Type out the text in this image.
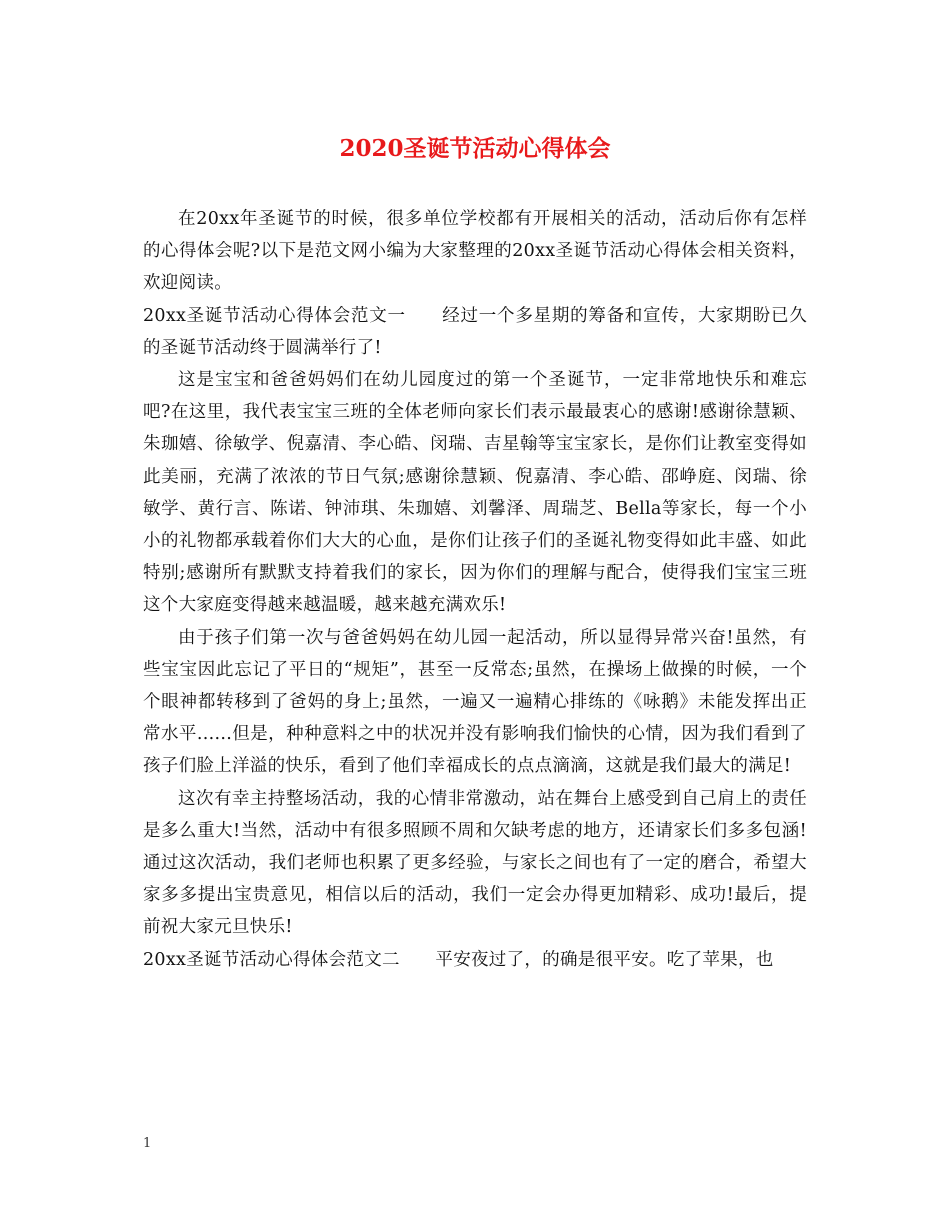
2020圣诞节活动心得体会

在20xx年圣诞节的时候，很多单位学校都有开展相关的活动，活动后你有怎样的心得体会呢?以下是范文网小编为大家整理的20xx圣诞节活动心得体会相关资料，欢迎阅读。

20xx圣诞节活动心得体会范文一　　经过一个多星期的筹备和宣传，大家期盼已久的圣诞节活动终于圆满举行了!

这是宝宝和爸爸妈妈们在幼儿园度过的第一个圣诞节，一定非常地快乐和难忘吧?在这里，我代表宝宝三班的全体老师向家长们表示最最衷心的感谢!感谢徐慧颖、朱珈嬉、徐敏学、倪嘉清、李心皓、闵瑞、吉星翰等宝宝家长，是你们让教室变得如此美丽，充满了浓浓的节日气氛;感谢徐慧颖、倪嘉清、李心皓、邵峥庭、闵瑞、徐敏学、黄行言、陈诺、钟沛琪、朱珈嬉、刘馨泽、周瑞芝、Bella等家长，每一个小小的礼物都承载着你们大大的心血，是你们让孩子们的圣诞礼物变得如此丰盛、如此特别;感谢所有默默支持着我们的家长，因为你们的理解与配合，使得我们宝宝三班这个大家庭变得越来越温暖，越来越充满欢乐!

由于孩子们第一次与爸爸妈妈在幼儿园一起活动，所以显得异常兴奋!虽然，有些宝宝因此忘记了平日的“规矩”，甚至一反常态;虽然，在操场上做操的时候，一个个眼神都转移到了爸妈的身上;虽然，一遍又一遍精心排练的《咏鹅》未能发挥出正常水平......但是，种种意料之中的状况并没有影响我们愉快的心情，因为我们看到了孩子们脸上洋溢的快乐，看到了他们幸福成长的点点滴滴，这就是我们最大的满足!

这次有幸主持整场活动，我的心情非常激动，站在舞台上感受到自己肩上的责任是多么重大!当然，活动中有很多照顾不周和欠缺考虑的地方，还请家长们多多包涵!通过这次活动，我们老师也积累了更多经验，与家长之间也有了一定的磨合，希望大家多多提出宝贵意见，相信以后的活动，我们一定会办得更加精彩、成功!最后，提前祝大家元旦快乐!

20xx圣诞节活动心得体会范文二　　平安夜过了，的确是很平安。吃了苹果，也

1
